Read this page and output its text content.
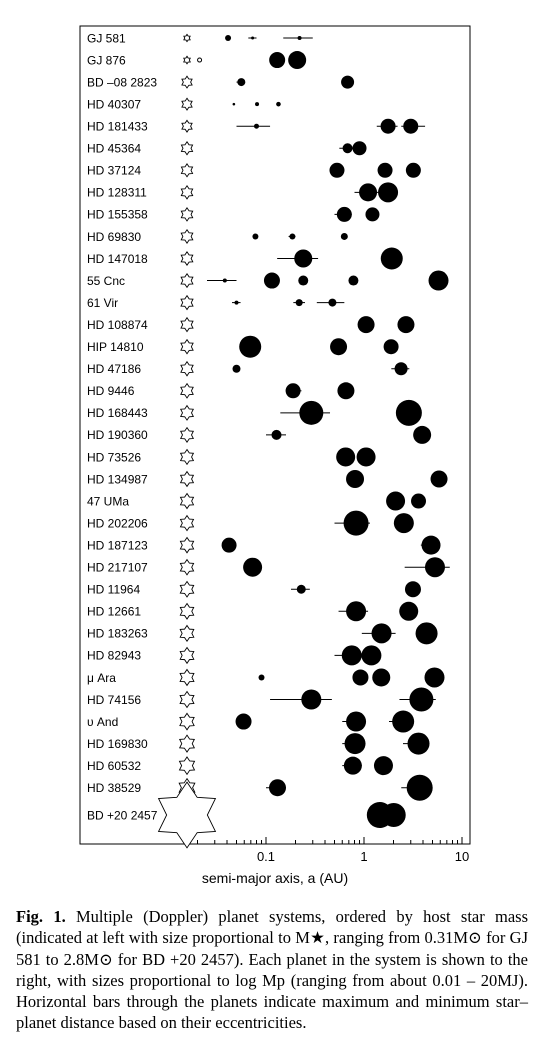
GJ 581
GJ 876
BD –08 2823
HD 40307
HD 181433
HD 45364
HD 37124
HD 128311
HD 155358
HD 69830
HD 147018
55 Cnc
61 Vir
HD 108874
HIP 14810
HD 47186
HD 9446
HD 168443
HD 190360
HD 73526
HD 134987
47 UMa
HD 202206
HD 187123
HD 217107
HD 11964
HD 12661
HD 183263
HD 82943
μ Ara
HD 74156
υ And
HD 169830
HD 60532
HD 38529
BD +20 2457
0.1	1	10
semi-major axis, a (AU)
Fig. 1. Multiple (Doppler) planet systems, ordered by host star mass (indicated at left with size proportional to M★, ranging from 0.31M⊙ for GJ 581 to 2.8M⊙ for BD +20 2457). Each planet in the system is shown to the right, with sizes proportional to log Mp (ranging from about 0.01 – 20MJ). Horizontal bars through the planets indicate maximum and minimum star–planet distance based on their eccentricities.
